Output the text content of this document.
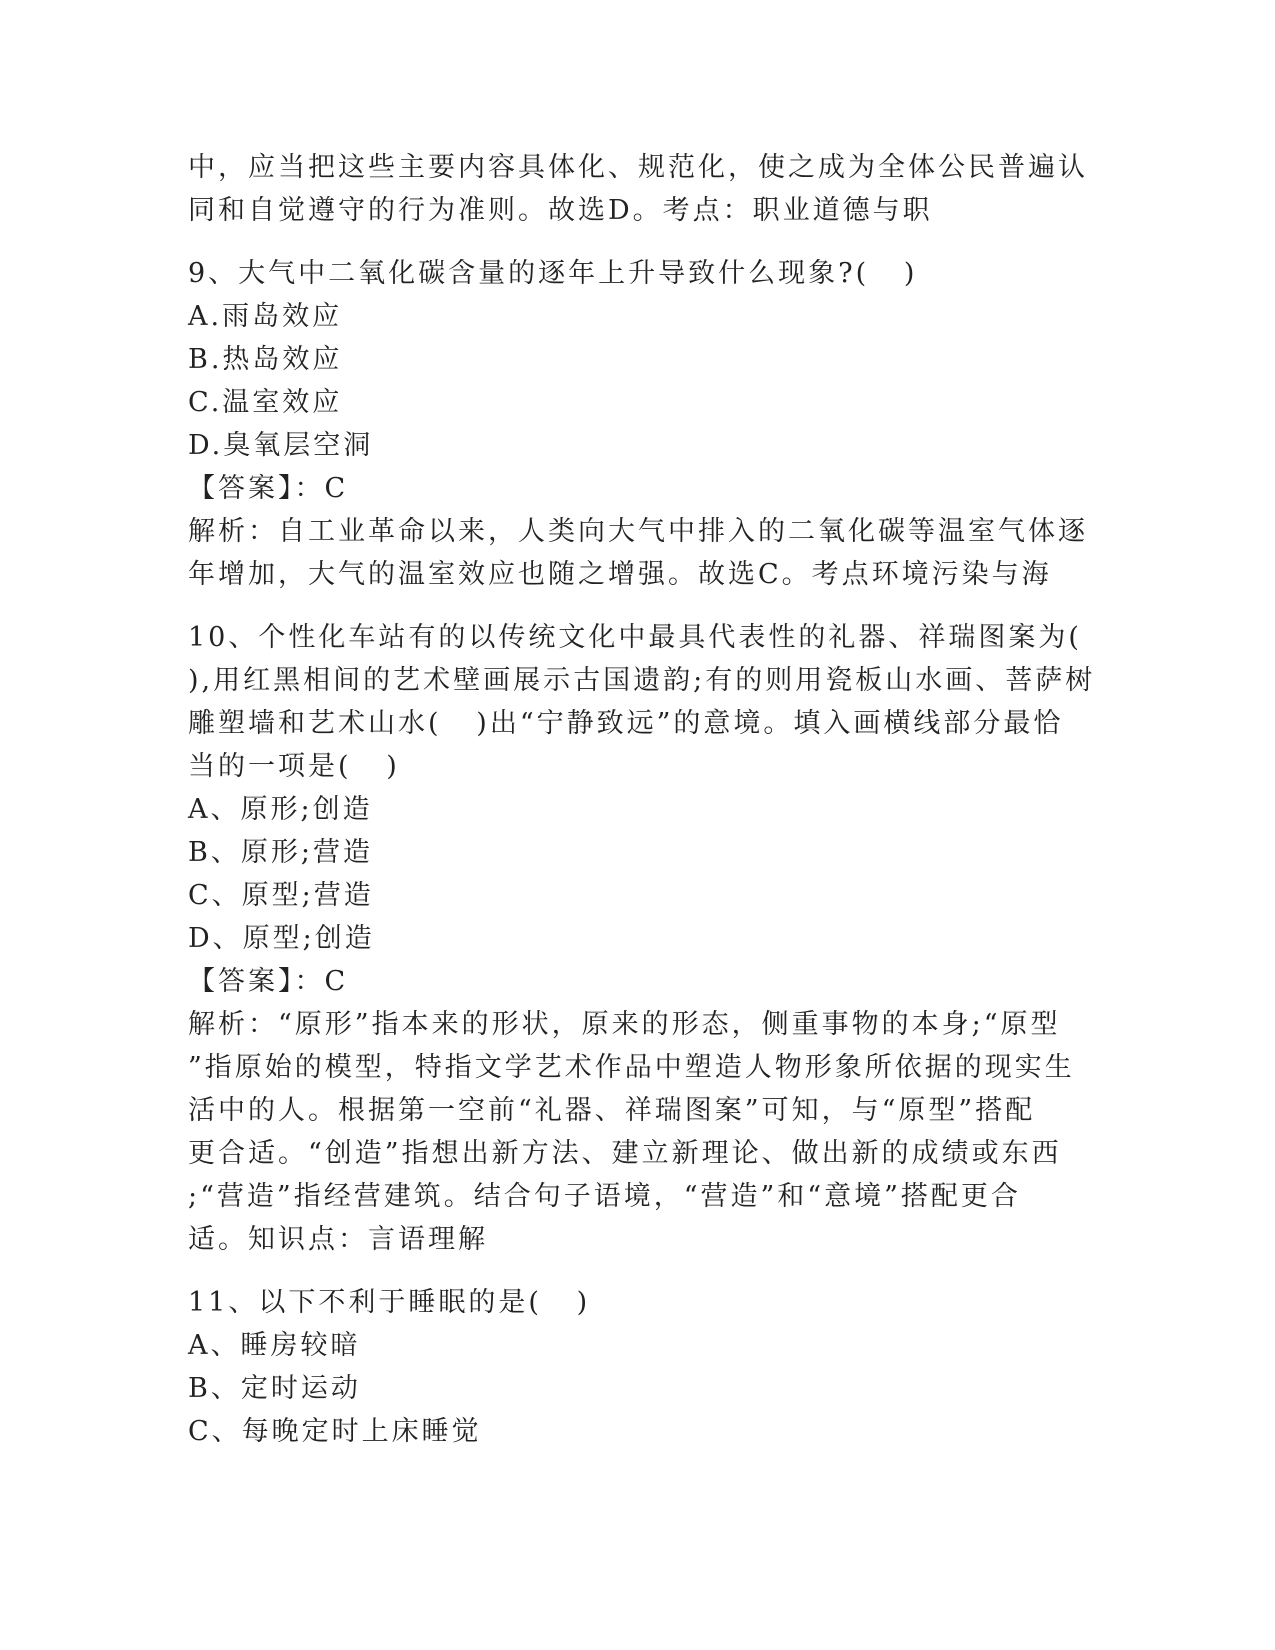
中，应当把这些主要内容具体化、规范化，使之成为全体公民普遍认
同和自觉遵守的行为准则。故选D。考点：职业道德与职
9、大气中二氧化碳含量的逐年上升导致什么现象?(   )
A.雨岛效应
B.热岛效应
C.温室效应
D.臭氧层空洞
【答案】：C
解析：自工业革命以来，人类向大气中排入的二氧化碳等温室气体逐
年增加，大气的温室效应也随之增强。故选C。考点环境污染与海
10、个性化车站有的以传统文化中最具代表性的礼器、祥瑞图案为(
),用红黑相间的艺术壁画展示古国遗韵;有的则用瓷板山水画、菩萨树
雕塑墙和艺术山水(   )出“宁静致远”的意境。填入画横线部分最恰
当的一项是(   )
A、原形;创造
B、原形;营造
C、原型;营造
D、原型;创造
【答案】：C
解析：“原形”指本来的形状，原来的形态，侧重事物的本身;“原型
”指原始的模型，特指文学艺术作品中塑造人物形象所依据的现实生
活中的人。根据第一空前“礼器、祥瑞图案”可知，与“原型”搭配
更合适。“创造”指想出新方法、建立新理论、做出新的成绩或东西
;“营造”指经营建筑。结合句子语境，“营造”和“意境”搭配更合
适。知识点：言语理解
11、以下不利于睡眠的是(   )
A、睡房较暗
B、定时运动
C、每晚定时上床睡觉
